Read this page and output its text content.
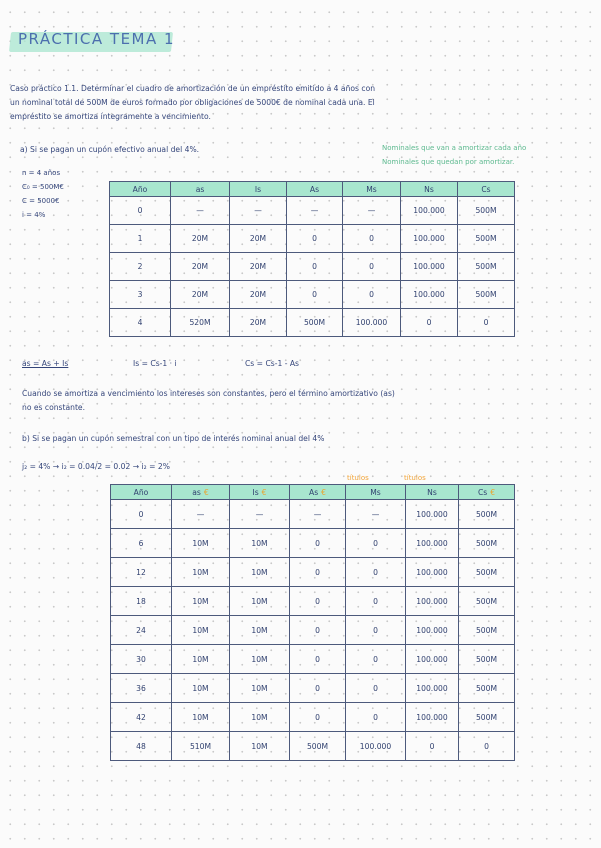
PRÁCTICA TEMA 1
Caso práctico 1.1. Determinar el cuadro de amortización de un empréstito emitido a 4 años con
un nominal total de 500M de euros formado por obligaciones de 5000€ de nominal cada una. El
empréstito se amortiza íntegramente a vencimiento.
a) Si se pagan un cupón efectivo anual del 4%.	Nominales que van a amortizar cada año
Nominales que quedan por amortizar.
n = 4 años
C₀ = 500M€
C = 5000€
i = 4%
Año	as	Is	As	Ms	Ns	Cs
0	—	—	—	—	100.000	500M
1	20M	20M	0	0	100.000	500M
2	20M	20M	0	0	100.000	500M
3	20M	20M	0	0	100.000	500M
4	520M	20M	500M	100.000	0	0
as = As + Is	Is = Cs-1 · i	Cs = Cs-1 - As
Cuando se amortiza a vencimiento los intereses son constantes, pero el término amortizativo (as)
no es constante.
b) Si se pagan un cupón semestral con un tipo de interés nominal anual del 4%
j₂ = 4% → i₂ = 0.04/2 = 0.02 → i₂ = 2%
títulos	títulos
Año	as €	Is €	As €	Ms	Ns	Cs €
0	—	—	—	—	100.000	500M
6	10M	10M	0	0	100.000	500M
12	10M	10M	0	0	100.000	500M
18	10M	10M	0	0	100.000	500M
24	10M	10M	0	0	100.000	500M
30	10M	10M	0	0	100.000	500M
36	10M	10M	0	0	100.000	500M
42	10M	10M	0	0	100.000	500M
48	510M	10M	500M	100.000	0	0
